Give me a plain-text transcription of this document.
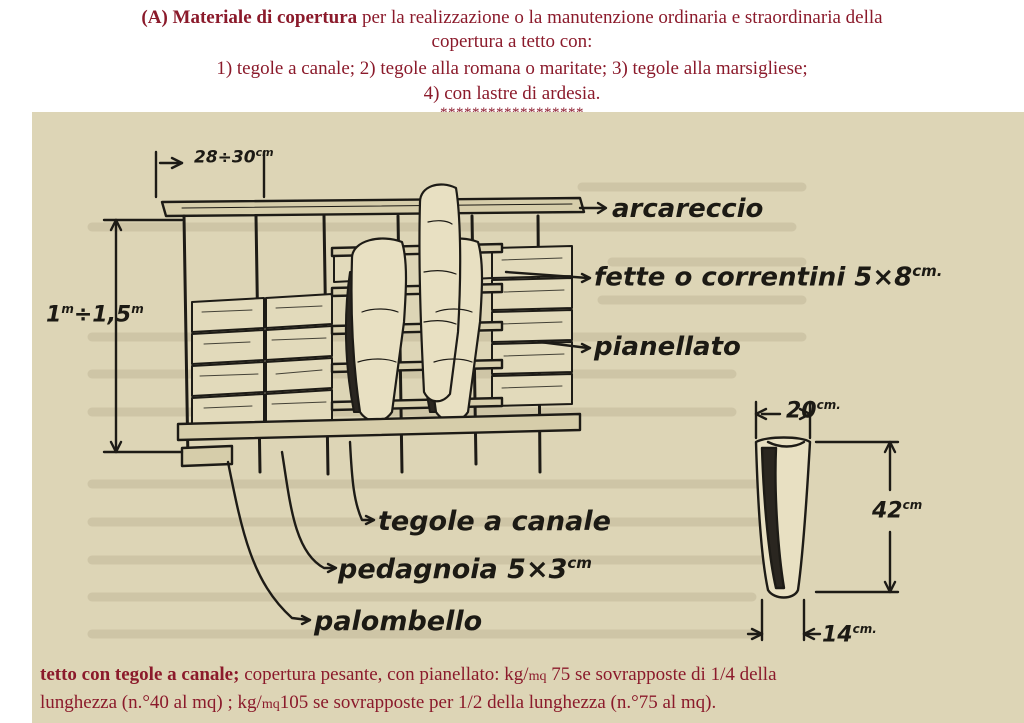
(A) Materiale di copertura per la realizzazione o la manutenzione ordinaria e straordinaria della
copertura a tetto con:
1) tegole a canale; 2) tegole alla romana o maritate; 3) tegole alla marsigliese;
4) con lastre di ardesia.
$28\div 30^{cm}$
arcareccio
fette o correntini $5\times 8^{cm.}$
pianellato
$1^m\div 1,5^m$
tegole a canale
pedagnoia $5\times 3^{cm}$
palombello
$20^{cm.}$
$42^{cm}$
$14^{cm.}$
tetto con tegole a canale; copertura pesante, con pianellato: kg/mq 75 se sovrapposte di 1/4 della
lunghezza (n.°40 al mq) ; kg/mq105 se sovrapposte per 1/2 della lunghezza (n.°75 al mq).
